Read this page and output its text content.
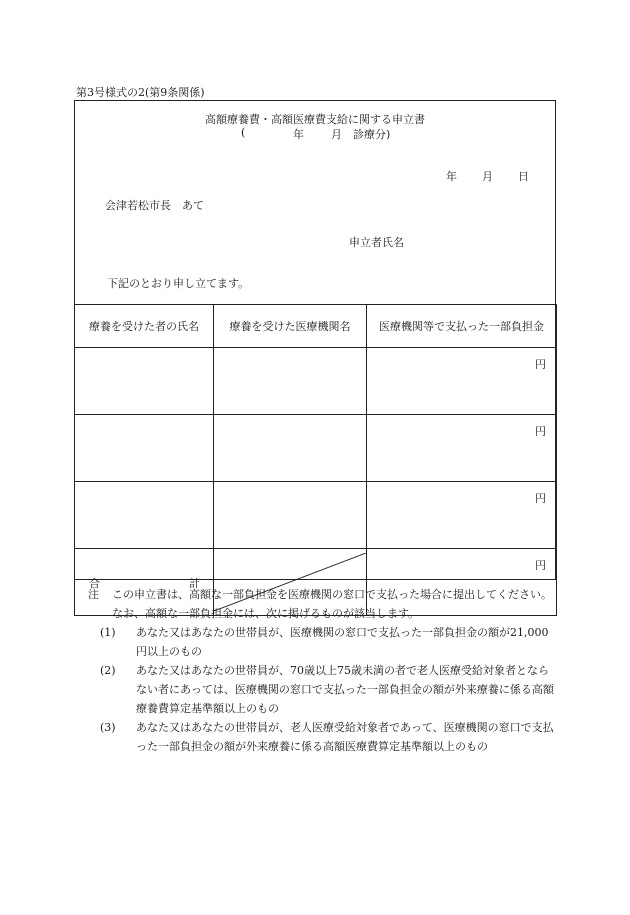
第3号様式の2(第9条関係)
高額療養費・高額医療費支給に関する申立書
(	年 月 診療分)
年 月 日
会津若松市長　あて
申立者氏名
下記のとおり申し立てます。
療養を受けた者の氏名	療養を受けた医療機関名	医療機関等で支払った一部負担金
		円
		円
		円

合 計		円
注 この申立書は、高額な一部負担金を医療機関の窓口で支払った場合に提出してください。なお、高額な一部負担金には、次に掲げるものが該当します。
(1) あなた又はあなたの世帯員が、医療機関の窓口で支払った一部負担金の額が21,000円以上のもの
(2) あなた又はあなたの世帯員が、70歳以上75歳未満の者で老人医療受給対象者とならない者にあっては、医療機関の窓口で支払った一部負担金の額が外来療養に係る高額療養費算定基準額以上のもの
(3) あなた又はあなたの世帯員が、老人医療受給対象者であって、医療機関の窓口で支払った一部負担金の額が外来療養に係る高額医療費算定基準額以上のもの
